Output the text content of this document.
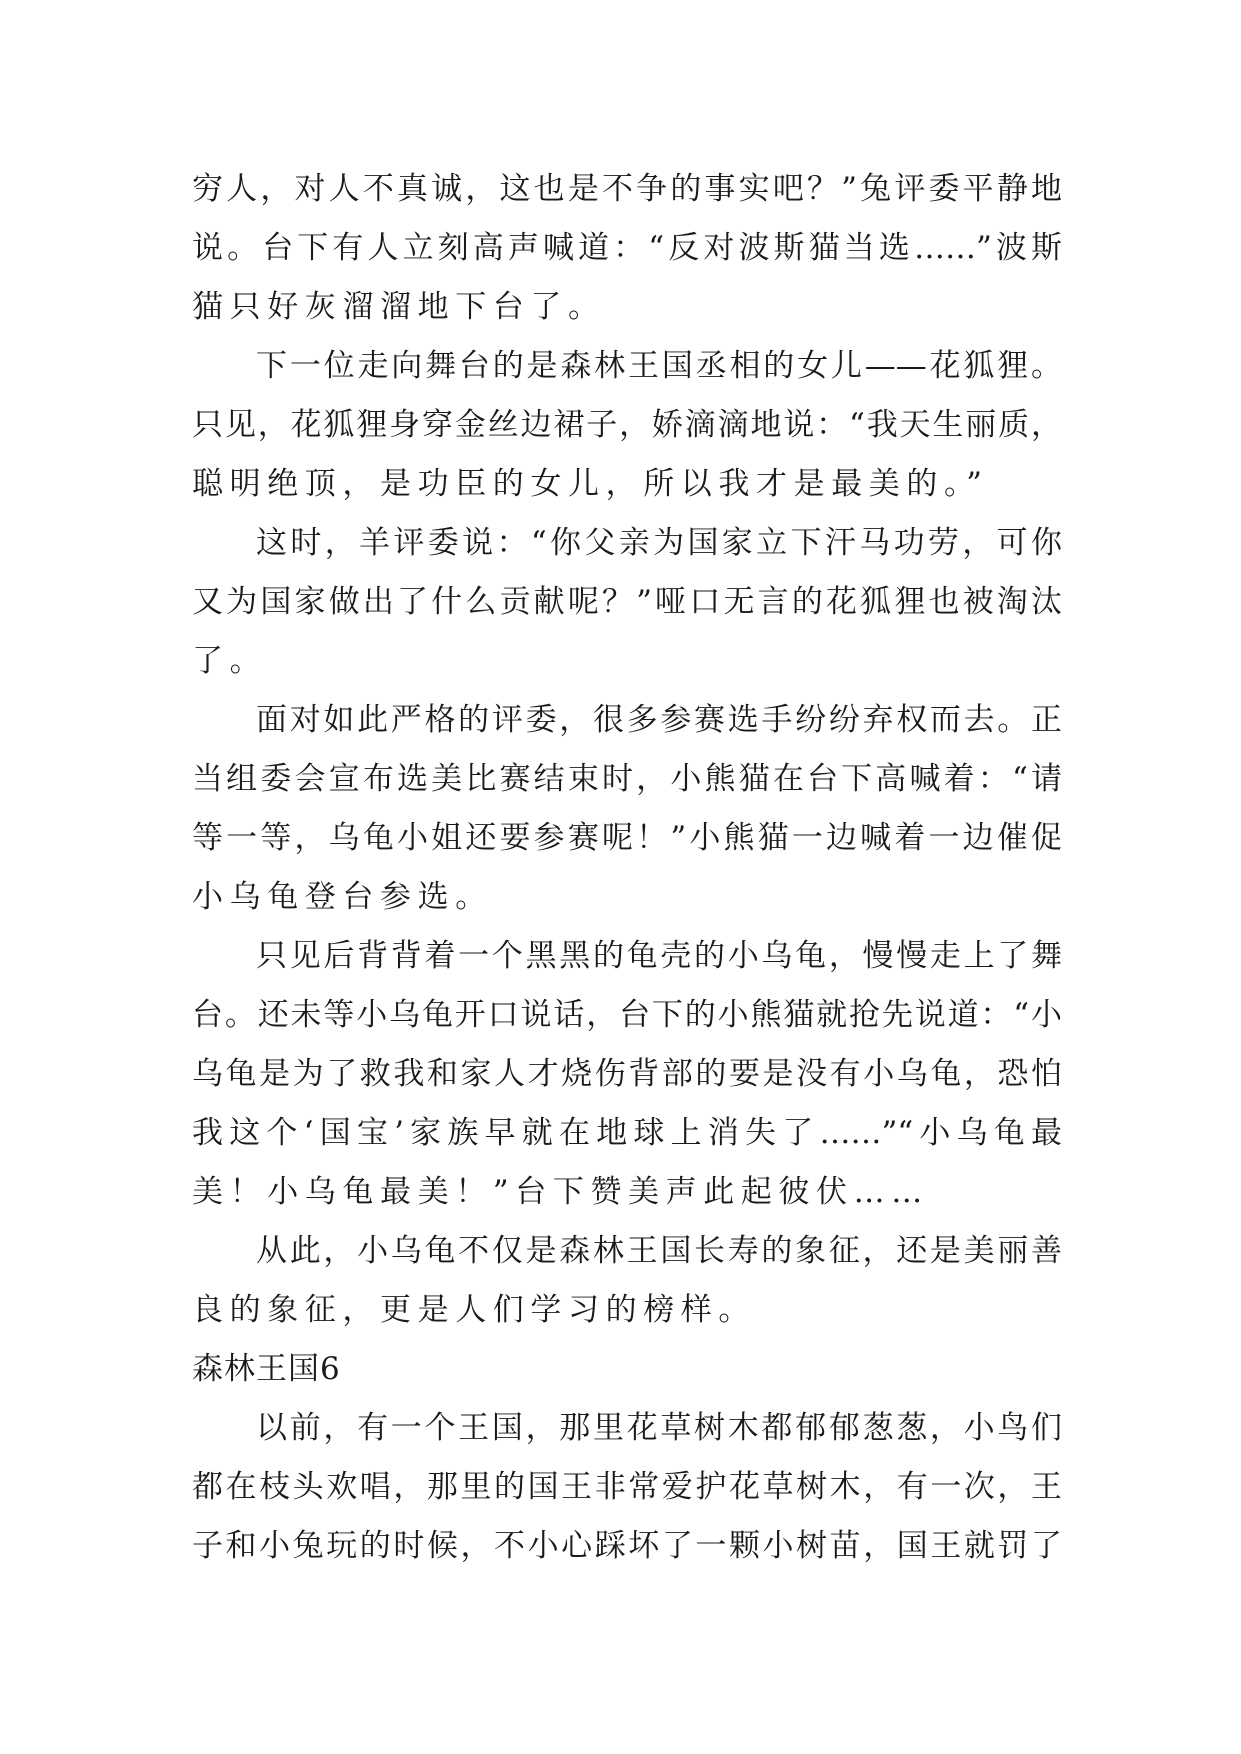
穷人，对人不真诚，这也是不争的事实吧？”兔评委平静地
说。台下有人立刻高声喊道：“反对波斯猫当选……”波斯
猫只好灰溜溜地下台了。
下一位走向舞台的是森林王国丞相的女儿——花狐狸。
只见，花狐狸身穿金丝边裙子，娇滴滴地说：“我天生丽质，
聪明绝顶，是功臣的女儿，所以我才是最美的。”
这时，羊评委说：“你父亲为国家立下汗马功劳，可你
又为国家做出了什么贡献呢？”哑口无言的花狐狸也被淘汰
了。
面对如此严格的评委，很多参赛选手纷纷弃权而去。正
当组委会宣布选美比赛结束时，小熊猫在台下高喊着：“请
等一等，乌龟小姐还要参赛呢！”小熊猫一边喊着一边催促
小乌龟登台参选。
只见后背背着一个黑黑的龟壳的小乌龟，慢慢走上了舞
台。还未等小乌龟开口说话，台下的小熊猫就抢先说道：“小
乌龟是为了救我和家人才烧伤背部的要是没有小乌龟，恐怕
我这个‘国宝’家族早就在地球上消失了……”“小乌龟最
美！小乌龟最美！”台下赞美声此起彼伏……
从此，小乌龟不仅是森林王国长寿的象征，还是美丽善
良的象征，更是人们学习的榜样。
森林王国6
以前，有一个王国，那里花草树木都郁郁葱葱，小鸟们
都在枝头欢唱，那里的国王非常爱护花草树木，有一次，王
子和小兔玩的时候，不小心踩坏了一颗小树苗，国王就罚了
